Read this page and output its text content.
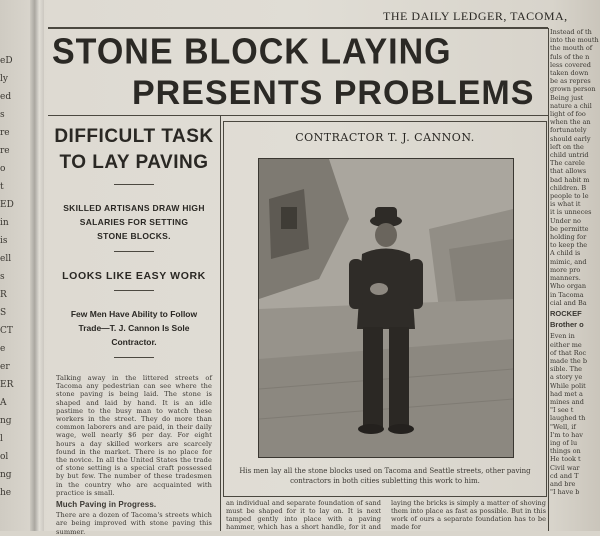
eD
ly
ed
s
re
re
o
t
ED
in
is
ell
s
R
S
CT
e
er
ER
A
ng
l
ol
ng
he
THE DAILY LEDGER, TACOMA,
STONE BLOCK LAYING
PRESENTS PROBLEMS
DIFFICULT TASK
TO LAY PAVING
SKILLED ARTISANS DRAW HIGH
SALARIES FOR SETTING
STONE BLOCKS.
LOOKS LIKE EASY WORK
Few Men Have Ability to Follow
Trade—T. J. Cannon Is Sole
Contractor.
Talking away in the littered streets of Tacoma any pedestrian can see where the stone paving is being laid. The stone is shaped and laid by hand. It is an idle pastime to the busy man to watch these workers in the street. They do more than common laborers and are paid, in their daily wage, well nearly $6 per day. For eight hours a day skilled workers are scarcely found in the market. There is no place for the novice. In all the United States the trade of stone setting is a special craft possessed by but few. The number of these tradesmen in the country who are acquainted with practice is small.
Much Paving in Progress.
There are a dozen of Tacoma's streets which are being improved with stone paving this summer.
CONTRACTOR T. J. CANNON.
His men lay all the stone blocks used on Tacoma and Seattle streets, other paving contractors in both cities subletting this work to him.
an individual and separate foundation of sand must be shaped for it to lay on. It is next tamped gently into place with a paving hammer, which has a short handle, for it and laying the bricks is simply a matter of shoving them into place as fast as possible. But in this work of ours a separate foundation has to be made for
Instead of th
into the mouth
the mouth of
fuls of the n
less covered
taken down
be as repres
grown person
Being just
nature a chil
light of foo
when the an
fortunately
should early
left on the
child untrid
The carele
that allows
bad habit m
children. B
people to le
is what it
it is unneces
Under no
be permitte
holding for
to keep the
A child is
mimic, and
more pro
manners.
Who organ
in Tacoma
cial and Ba
ROCKEF
Brother o
Even in
either me
of that Roc
made the b
sible. The
a story ye
While polit
had met a
mines and
"I see t
laughed th
"Well, if
I'm to hav
ing of lu
things on
He took t
Civil war
cd and T
and bre
"I have b
